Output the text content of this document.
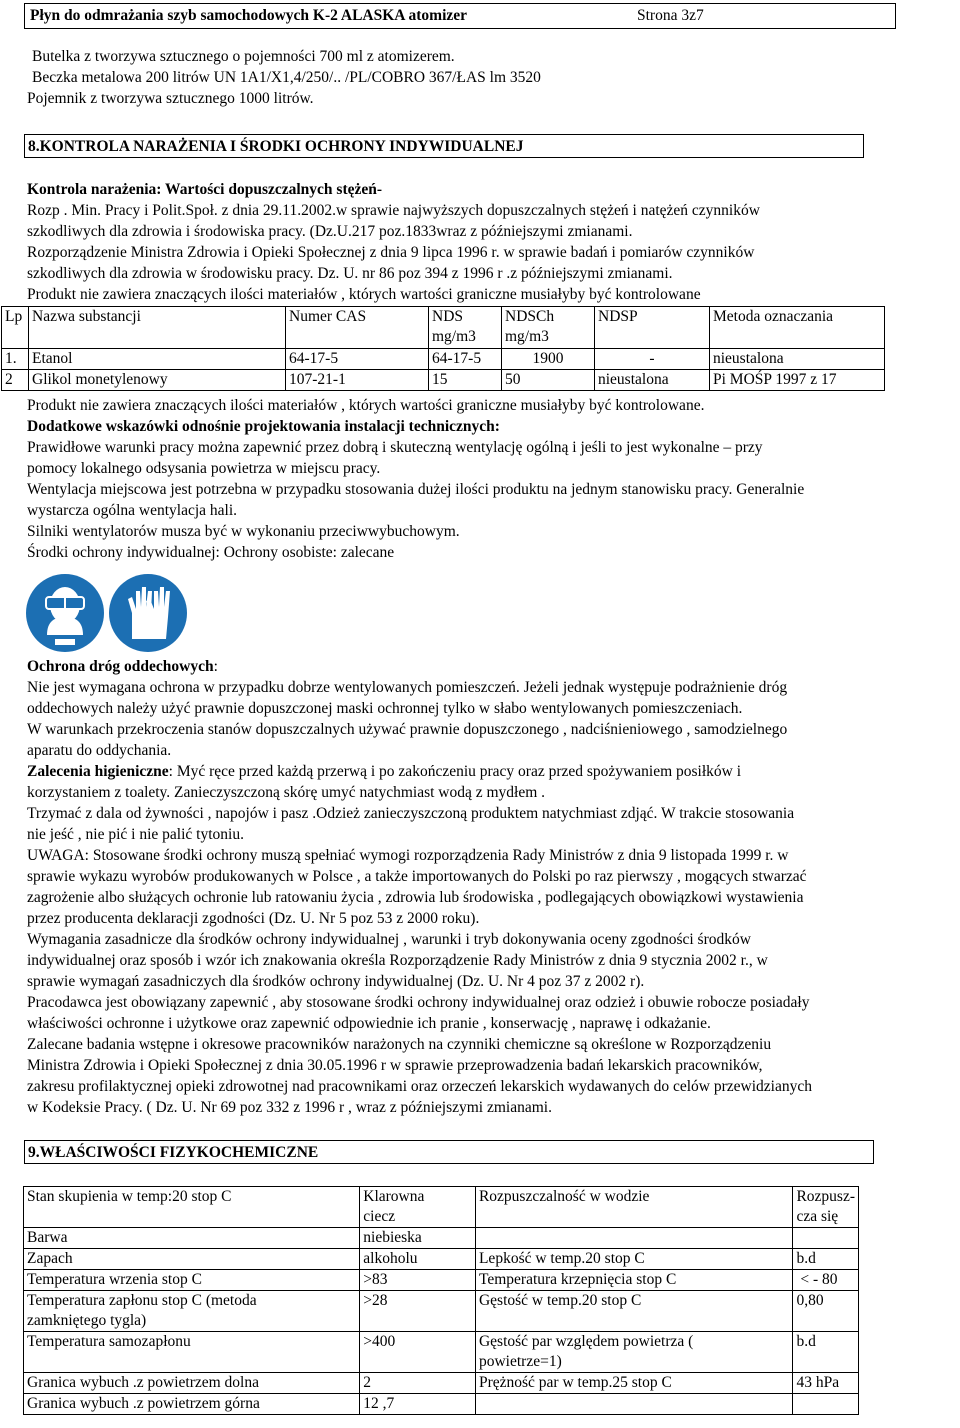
Płyn do odmrażania szyb samochodowych K-2 ALASKA atomizer	Strona 3z7
Butelka z tworzywa sztucznego o pojemności 700 ml z atomizerem.
Beczka metalowa 200 litrów UN 1A1/X1,4/250/.. /PL/COBRO 367/ŁAS lm 3520
Pojemnik z tworzywa sztucznego 1000 litrów.
8.KONTROLA NARAŻENIA I ŚRODKI OCHRONY INDYWIDUALNEJ
Kontrola narażenia: Wartości dopuszczalnych stężeń-
Rozp . Min. Pracy i Polit.Społ. z dnia 29.11.2002.w sprawie najwyższych dopuszczalnych stężeń i natężeń czynników
szkodliwych dla zdrowia i środowiska pracy. (Dz.U.217 poz.1833wraz z późniejszymi zmianami.
Rozporządzenie Ministra Zdrowia i Opieki Społecznej z dnia 9 lipca 1996 r. w sprawie badań i pomiarów czynników
szkodliwych dla zdrowia w środowisku pracy. Dz. U. nr 86 poz 394 z 1996 r .z późniejszymi zmianami.
Produkt nie zawiera znaczących ilości materiałów , których wartości graniczne musiałyby być kontrolowane
Lp	Nazwa substancji	Numer CAS	NDS
mg/m3	NDSCh
mg/m3	NDSP	Metoda oznaczania
1.	Etanol	64-17-5	64-17-5	1900	-	nieustalona
2	Glikol monetylenowy	107-21-1	15	50	nieustalona	Pi MOŚP 1997 z 17
Produkt nie zawiera znaczących ilości materiałów , których wartości graniczne musiałyby być kontrolowane.
Dodatkowe wskazówki odnośnie projektowania instalacji technicznych:
Prawidłowe warunki pracy można zapewnić przez dobrą i skuteczną wentylację ogólną i jeśli to jest wykonalne – przy
pomocy lokalnego odsysania powietrza w miejscu pracy.
Wentylacja miejscowa jest potrzebna w przypadku stosowania dużej ilości produktu na jednym stanowisku pracy. Generalnie
wystarcza ogólna wentylacja hali.
Silniki wentylatorów musza być w wykonaniu przeciwwybuchowym.
Środki ochrony indywidualnej: Ochrony osobiste: zalecane
Ochrona dróg oddechowych:
Nie jest wymagana ochrona w przypadku dobrze wentylowanych pomieszczeń. Jeżeli jednak występuje podrażnienie dróg
oddechowych należy użyć prawnie dopuszczonej maski ochronnej tylko w słabo wentylowanych pomieszczeniach.
W warunkach przekroczenia stanów dopuszczalnych używać prawnie dopuszczonego , nadciśnieniowego , samodzielnego
aparatu do oddychania.
Zalecenia higieniczne: Myć ręce przed każdą przerwą i po zakończeniu pracy oraz przed spożywaniem posiłków i
korzystaniem z toalety. Zanieczyszczoną skórę umyć natychmiast wodą z mydłem .
Trzymać z dala od żywności , napojów i pasz .Odzież zanieczyszczoną produktem natychmiast zdjąć. W trakcie stosowania
nie jeść , nie pić i nie palić tytoniu.
UWAGA: Stosowane środki ochrony muszą spełniać wymogi rozporządzenia Rady Ministrów z dnia 9 listopada 1999 r. w
sprawie wykazu wyrobów produkowanych w Polsce , a także importowanych do Polski po raz pierwszy , mogących stwarzać
zagrożenie albo służących ochronie lub ratowaniu życia , zdrowia lub środowiska , podlegających obowiązkowi wystawienia
przez producenta deklaracji zgodności (Dz. U. Nr 5 poz 53 z 2000 roku).
Wymagania zasadnicze dla środków ochrony indywidualnej , warunki i tryb dokonywania oceny zgodności środków
indywidualnej oraz sposób i wzór ich znakowania określa Rozporządzenie Rady Ministrów z dnia 9 stycznia 2002 r., w
sprawie wymagań zasadniczych dla środków ochrony indywidualnej (Dz. U. Nr 4 poz 37 z 2002 r).
Pracodawca jest obowiązany zapewnić , aby stosowane środki ochrony indywidualnej oraz odzież i obuwie robocze posiadały
właściwości ochronne i użytkowe oraz zapewnić odpowiednie ich pranie , konserwację , naprawę i odkażanie.
Zalecane badania wstępne i okresowe pracowników narażonych na czynniki chemiczne są określone w Rozporządzeniu
Ministra Zdrowia i Opieki Społecznej z dnia 30.05.1996 r w sprawie przeprowadzenia badań lekarskich pracowników,
zakresu profilaktycznej opieki zdrowotnej nad pracownikami oraz orzeczeń lekarskich wydawanych do celów przewidzianych
w Kodeksie Pracy. ( Dz. U. Nr 69 poz 332 z 1996 r , wraz z późniejszymi zmianami.
9.WŁAŚCIWOŚCI FIZYKOCHEMICZNE
Stan skupienia w temp:20 stop C	Klarowna
ciecz	Rozpuszczalność w wodzie	Rozpusz-
cza się
Barwa	niebieska		
Zapach	alkoholu	Lepkość w temp.20 stop C	b.d
Temperatura wrzenia stop C	>83	Temperatura krzepnięcia stop C	< - 80
Temperatura zapłonu stop C (metoda
zamkniętego tygla)	>28	Gęstość w temp.20 stop C	0,80
Temperatura samozapłonu	>400	Gęstość par względem powietrza (
powietrze=1)	b.d
Granica wybuch .z powietrzem dolna	2	Prężność par w temp.25 stop C	43 hPa
Granica wybuch .z powietrzem górna	12 ,7		
